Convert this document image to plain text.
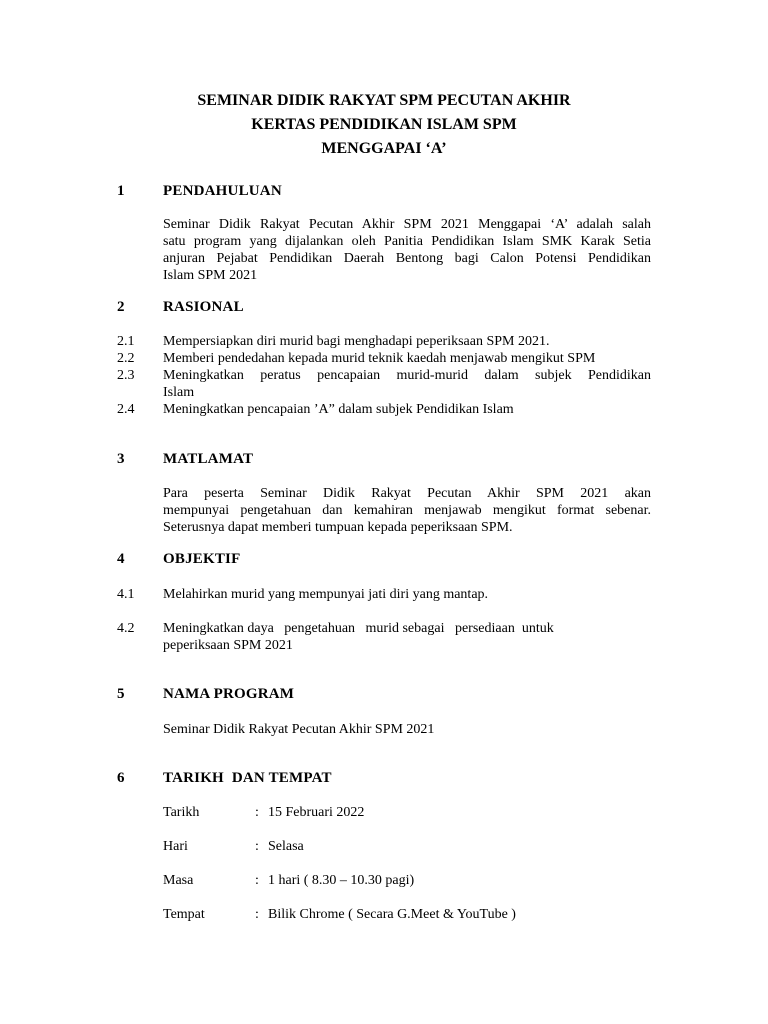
SEMINAR DIDIK RAKYAT SPM PECUTAN AKHIR
KERTAS PENDIDIKAN ISLAM SPM
MENGGAPAI ‘A’
1	PENDAHULUAN
Seminar Didik Rakyat Pecutan Akhir SPM 2021 Menggapai ‘A’ adalah salah
satu program yang dijalankan oleh Panitia Pendidikan Islam SMK Karak Setia
anjuran Pejabat Pendidikan Daerah Bentong bagi Calon Potensi Pendidikan
Islam SPM 2021
2	RASIONAL
2.1 Mempersiapkan diri murid bagi menghadapi peperiksaan SPM 2021.
2.2 Memberi pendedahan kepada murid teknik kaedah menjawab mengikut SPM
2.3 Meningkatkan peratus pencapaian murid-murid dalam subjek Pendidikan
Islam
2.4 Meningkatkan pencapaian ’A” dalam subjek Pendidikan Islam
3	MATLAMAT
Para peserta Seminar Didik Rakyat Pecutan Akhir SPM 2021 akan
mempunyai pengetahuan dan kemahiran menjawab mengikut format sebenar.
Seterusnya dapat memberi tumpuan kepada peperiksaan SPM.
4	OBJEKTIF
4.1 Melahirkan murid yang mempunyai jati diri yang mantap.
4.2 Meningkatkan daya   pengetahuan   murid sebagai   persediaan  untuk
peperiksaan SPM 2021
5	NAMA PROGRAM
Seminar Didik Rakyat Pecutan Akhir SPM 2021
6	TARIKH  DAN TEMPAT
Tarikh	: 15 Februari 2022
Hari	: Selasa
Masa	: 1 hari ( 8.30 – 10.30 pagi)
Tempat	: Bilik Chrome ( Secara G.Meet & YouTube )
